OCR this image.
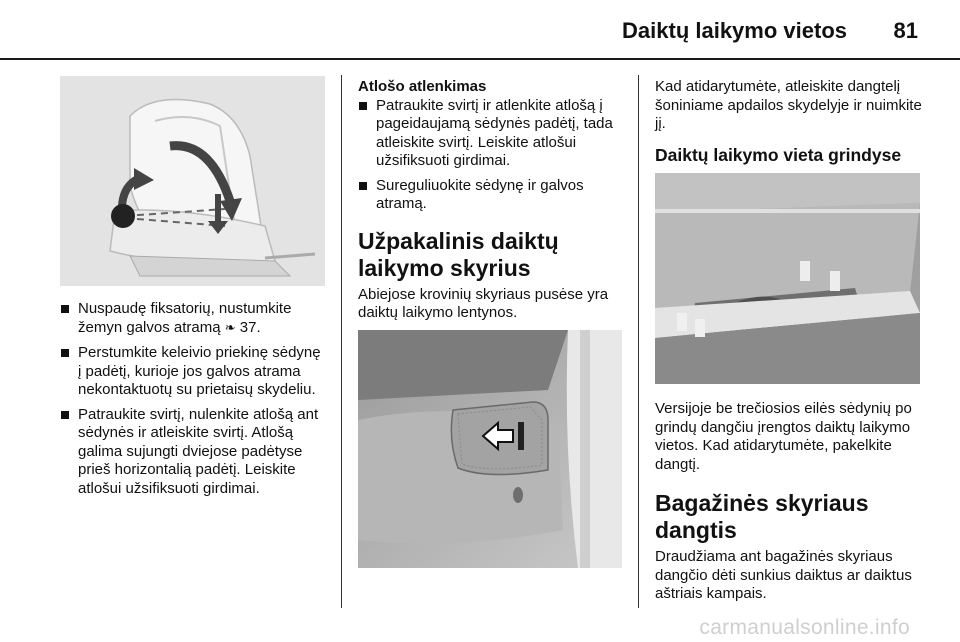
Daiktų laikymo vietos 81
Nuspaudę fiksatorių, nustumkite žemyn galvos atramą ❧ 37.
Perstumkite keleivio priekinę sėdynę į padėtį, kurioje jos galvos atrama nekontaktuotų su prietaisų skydeliu.
Patraukite svirtį, nulenkite atlošą ant sėdynės ir atleiskite svirtį. Atlošą galima sujungti dviejose padėtyse prieš horizontalią padėtį. Leiskite atlošui užsifiksuoti girdimai.

Atlošo atlenkimas

Patraukite svirtį ir atlenkite atlošą į pageidaujamą sėdynės padėtį, tada atleiskite svirtį. Leiskite atlošui užsifiksuoti girdimai.
Sureguliuokite sėdynę ir galvos atramą.

Užpakalinis daiktų laikymo skyrius

Abiejose krovinių skyriaus pusėse yra daiktų laikymo lentynos.

Kad atidarytumėte, atleiskite dangtelį šoniniame apdailos skydelyje ir nuimkite jį.

Daiktų laikymo vieta grindyse

Versijoje be trečiosios eilės sėdynių po grindų dangčiu įrengtos daiktų laikymo vietos. Kad atidarytumėte, pakelkite dangtį.

Bagažinės skyriaus dangtis

Draudžiama ant bagažinės skyriaus dangčio dėti sunkius daiktus ar daiktus aštriais kampais.

carmanualsonline.info
